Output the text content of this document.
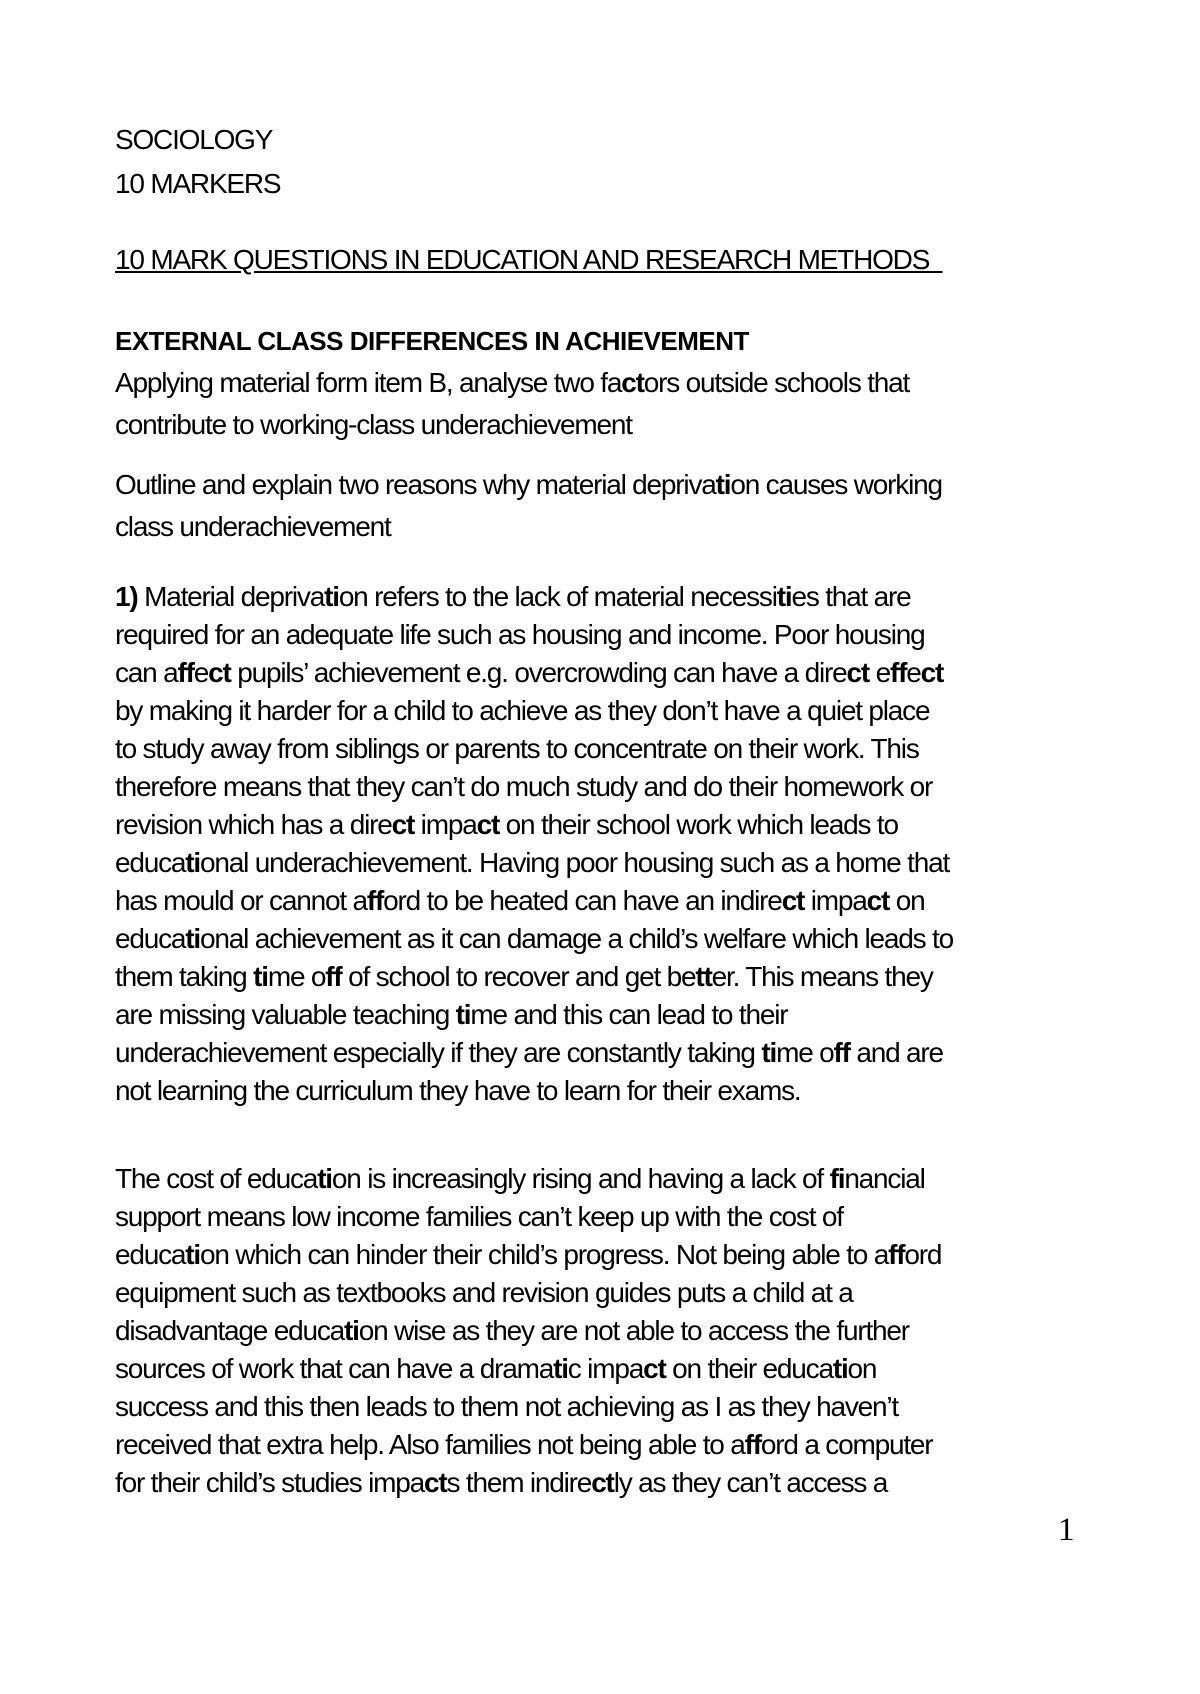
SOCIOLOGY
10 MARKERS
10 MARK QUESTIONS IN EDUCATION AND RESEARCH METHODS
EXTERNAL CLASS DIFFERENCES IN ACHIEVEMENT
Applying material form item B, analyse two factors outside schools that
contribute to working-class underachievement
Outline and explain two reasons why material deprivation causes working
class underachievement
1) Material deprivation refers to the lack of material necessities that are
required for an adequate life such as housing and income. Poor housing
can affect pupils’ achievement e.g. overcrowding can have a direct effect
by making it harder for a child to achieve as they don’t have a quiet place
to study away from siblings or parents to concentrate on their work. This
therefore means that they can’t do much study and do their homework or
revision which has a direct impact on their school work which leads to
educational underachievement. Having poor housing such as a home that
has mould or cannot afford to be heated can have an indirect impact on
educational achievement as it can damage a child’s welfare which leads to
them taking time off of school to recover and get better. This means they
are missing valuable teaching time and this can lead to their
underachievement especially if they are constantly taking time off and are
not learning the curriculum they have to learn for their exams.
The cost of education is increasingly rising and having a lack of financial
support means low income families can’t keep up with the cost of
education which can hinder their child’s progress. Not being able to afford
equipment such as textbooks and revision guides puts a child at a
disadvantage education wise as they are not able to access the further
sources of work that can have a dramatic impact on their education
success and this then leads to them not achieving as I as they haven’t
received that extra help. Also families not being able to afford a computer
for their child’s studies impacts them indirectly as they can’t access a
1
